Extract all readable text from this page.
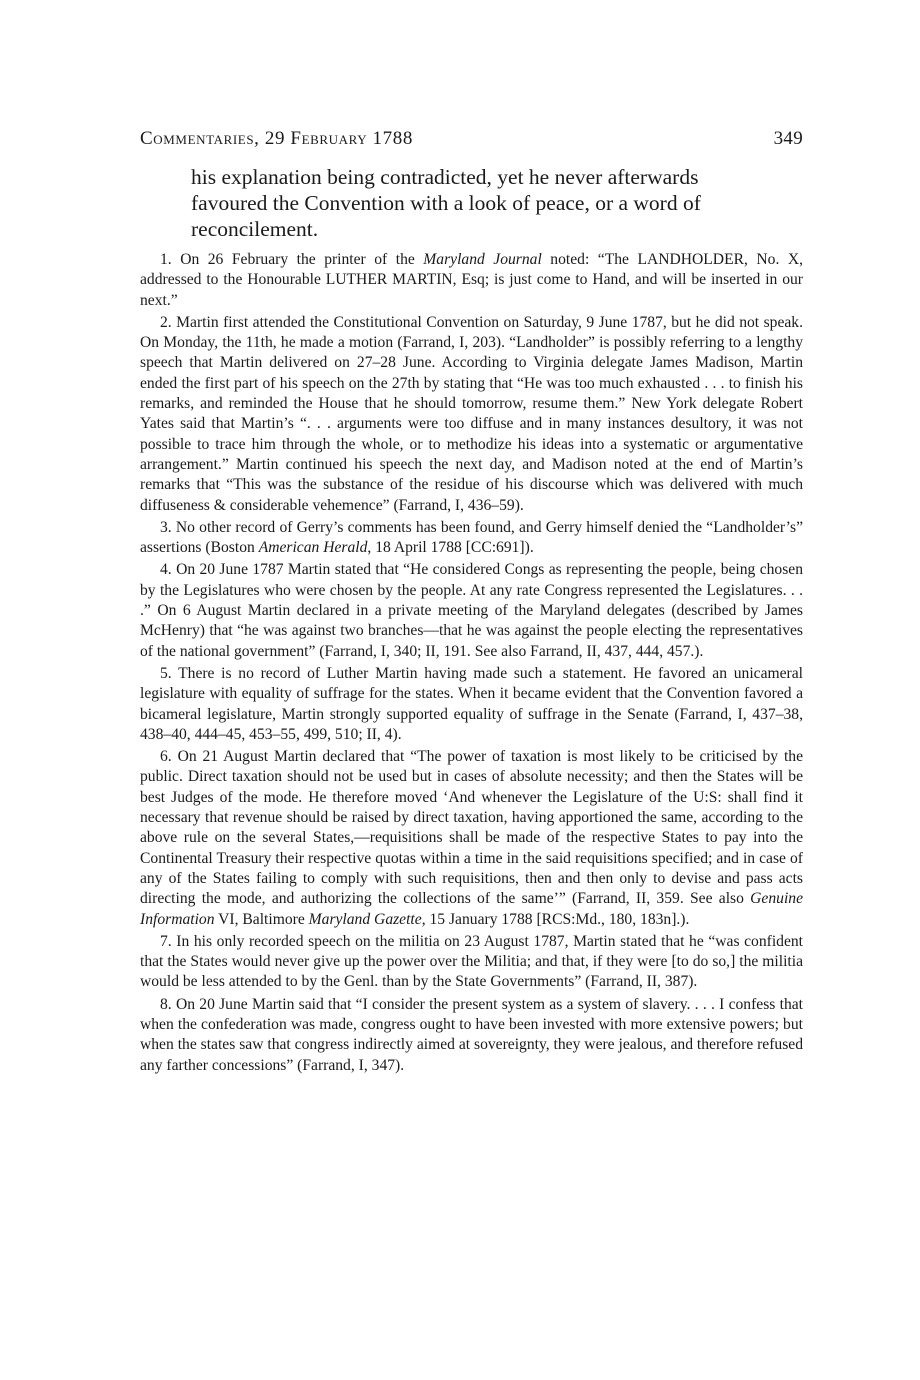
Commentaries, 29 February 1788	349
his explanation being contradicted, yet he never afterwards favoured the Convention with a look of peace, or a word of reconcilement.

1. On 26 February the printer of the Maryland Journal noted: “The LANDHOLDER, No. X, addressed to the Honourable LUTHER MARTIN, Esq; is just come to Hand, and will be inserted in our next.”

2. Martin first attended the Constitutional Convention on Saturday, 9 June 1787, but he did not speak. On Monday, the 11th, he made a motion (Farrand, I, 203). “Landholder” is possibly referring to a lengthy speech that Martin delivered on 27–28 June. According to Virginia delegate James Madison, Martin ended the first part of his speech on the 27th by stating that “He was too much exhausted . . . to finish his remarks, and reminded the House that he should tomorrow, resume them.” New York delegate Robert Yates said that Martin’s “. . . arguments were too diffuse and in many instances desultory, it was not possible to trace him through the whole, or to methodize his ideas into a systematic or argumentative arrangement.” Martin continued his speech the next day, and Madison noted at the end of Martin’s remarks that “This was the substance of the residue of his discourse which was delivered with much diffuseness & considerable vehemence” (Farrand, I, 436–59).

3. No other record of Gerry’s comments has been found, and Gerry himself denied the “Landholder’s” assertions (Boston American Herald, 18 April 1788 [CC:691]).

4. On 20 June 1787 Martin stated that “He considered Congs as representing the people, being chosen by the Legislatures who were chosen by the people. At any rate Congress represented the Legislatures. . . .” On 6 August Martin declared in a private meeting of the Maryland delegates (described by James McHenry) that “he was against two branches—that he was against the people electing the representatives of the national government” (Farrand, I, 340; II, 191. See also Farrand, II, 437, 444, 457.).

5. There is no record of Luther Martin having made such a statement. He favored an unicameral legislature with equality of suffrage for the states. When it became evident that the Convention favored a bicameral legislature, Martin strongly supported equality of suffrage in the Senate (Farrand, I, 437–38, 438–40, 444–45, 453–55, 499, 510; II, 4).

6. On 21 August Martin declared that “The power of taxation is most likely to be criticised by the public. Direct taxation should not be used but in cases of absolute necessity; and then the States will be best Judges of the mode. He therefore moved ‘And whenever the Legislature of the U:S: shall find it necessary that revenue should be raised by direct taxation, having apportioned the same, according to the above rule on the several States,—requisitions shall be made of the respective States to pay into the Continental Treasury their respective quotas within a time in the said requisitions specified; and in case of any of the States failing to comply with such requisitions, then and then only to devise and pass acts directing the mode, and authorizing the collections of the same’” (Farrand, II, 359. See also Genuine Information VI, Baltimore Maryland Gazette, 15 January 1788 [RCS:Md., 180, 183n].).

7. In his only recorded speech on the militia on 23 August 1787, Martin stated that he “was confident that the States would never give up the power over the Militia; and that, if they were [to do so,] the militia would be less attended to by the Genl. than by the State Governments” (Farrand, II, 387).

8. On 20 June Martin said that “I consider the present system as a system of slavery. . . . I confess that when the confederation was made, congress ought to have been invested with more extensive powers; but when the states saw that congress indirectly aimed at sovereignty, they were jealous, and therefore refused any farther concessions” (Farrand, I, 347).
